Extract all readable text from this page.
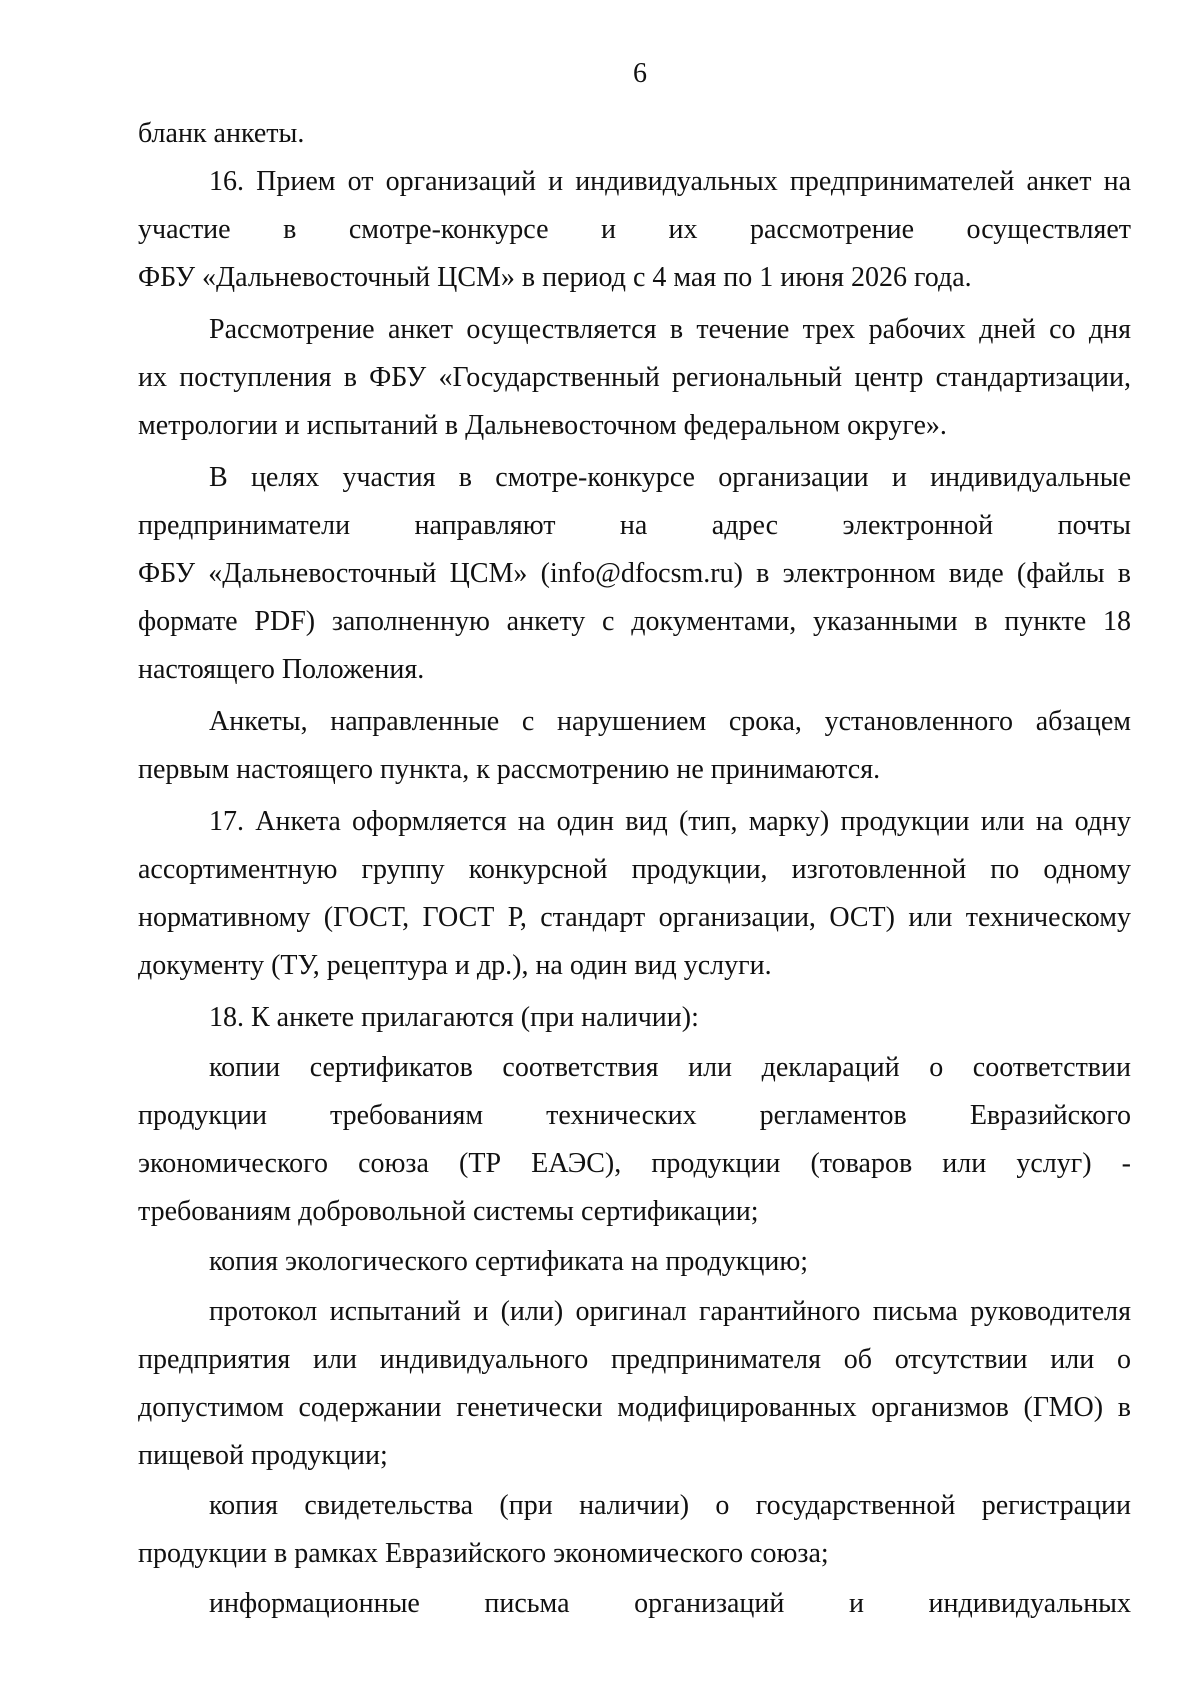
6
бланк анкеты.
16. Прием от организаций и индивидуальных предпринимателей анкет на
участие в смотре-конкурсе и их рассмотрение осуществляет
ФБУ «Дальневосточный ЦСМ» в период с 4 мая по 1 июня 2026 года.
Рассмотрение анкет осуществляется в течение трех рабочих дней со дня
их поступления в ФБУ «Государственный региональный центр стандартизации,
метрологии и испытаний в Дальневосточном федеральном округе».
В целях участия в смотре-конкурсе организации и индивидуальные
предприниматели направляют на адрес электронной почты
ФБУ «Дальневосточный ЦСМ» (info@dfocsm.ru) в электронном виде (файлы в
формате PDF) заполненную анкету с документами, указанными в пункте 18
настоящего Положения.
Анкеты, направленные с нарушением срока, установленного абзацем
первым настоящего пункта, к рассмотрению не принимаются.
17. Анкета оформляется на один вид (тип, марку) продукции или на одну
ассортиментную группу конкурсной продукции, изготовленной по одному
нормативному (ГОСТ, ГОСТ Р, стандарт организации, ОСТ) или техническому
документу (ТУ, рецептура и др.), на один вид услуги.
18. К анкете прилагаются (при наличии):
копии сертификатов соответствия или деклараций о соответствии
продукции требованиям технических регламентов Евразийского
экономического союза (ТР ЕАЭС), продукции (товаров или услуг) -
требованиям добровольной системы сертификации;
копия экологического сертификата на продукцию;
протокол испытаний и (или) оригинал гарантийного письма руководителя
предприятия или индивидуального предпринимателя об отсутствии или о
допустимом содержании генетически модифицированных организмов (ГМО) в
пищевой продукции;
копия свидетельства (при наличии) о государственной регистрации
продукции в рамках Евразийского экономического союза;
информационные письма организаций и индивидуальных
